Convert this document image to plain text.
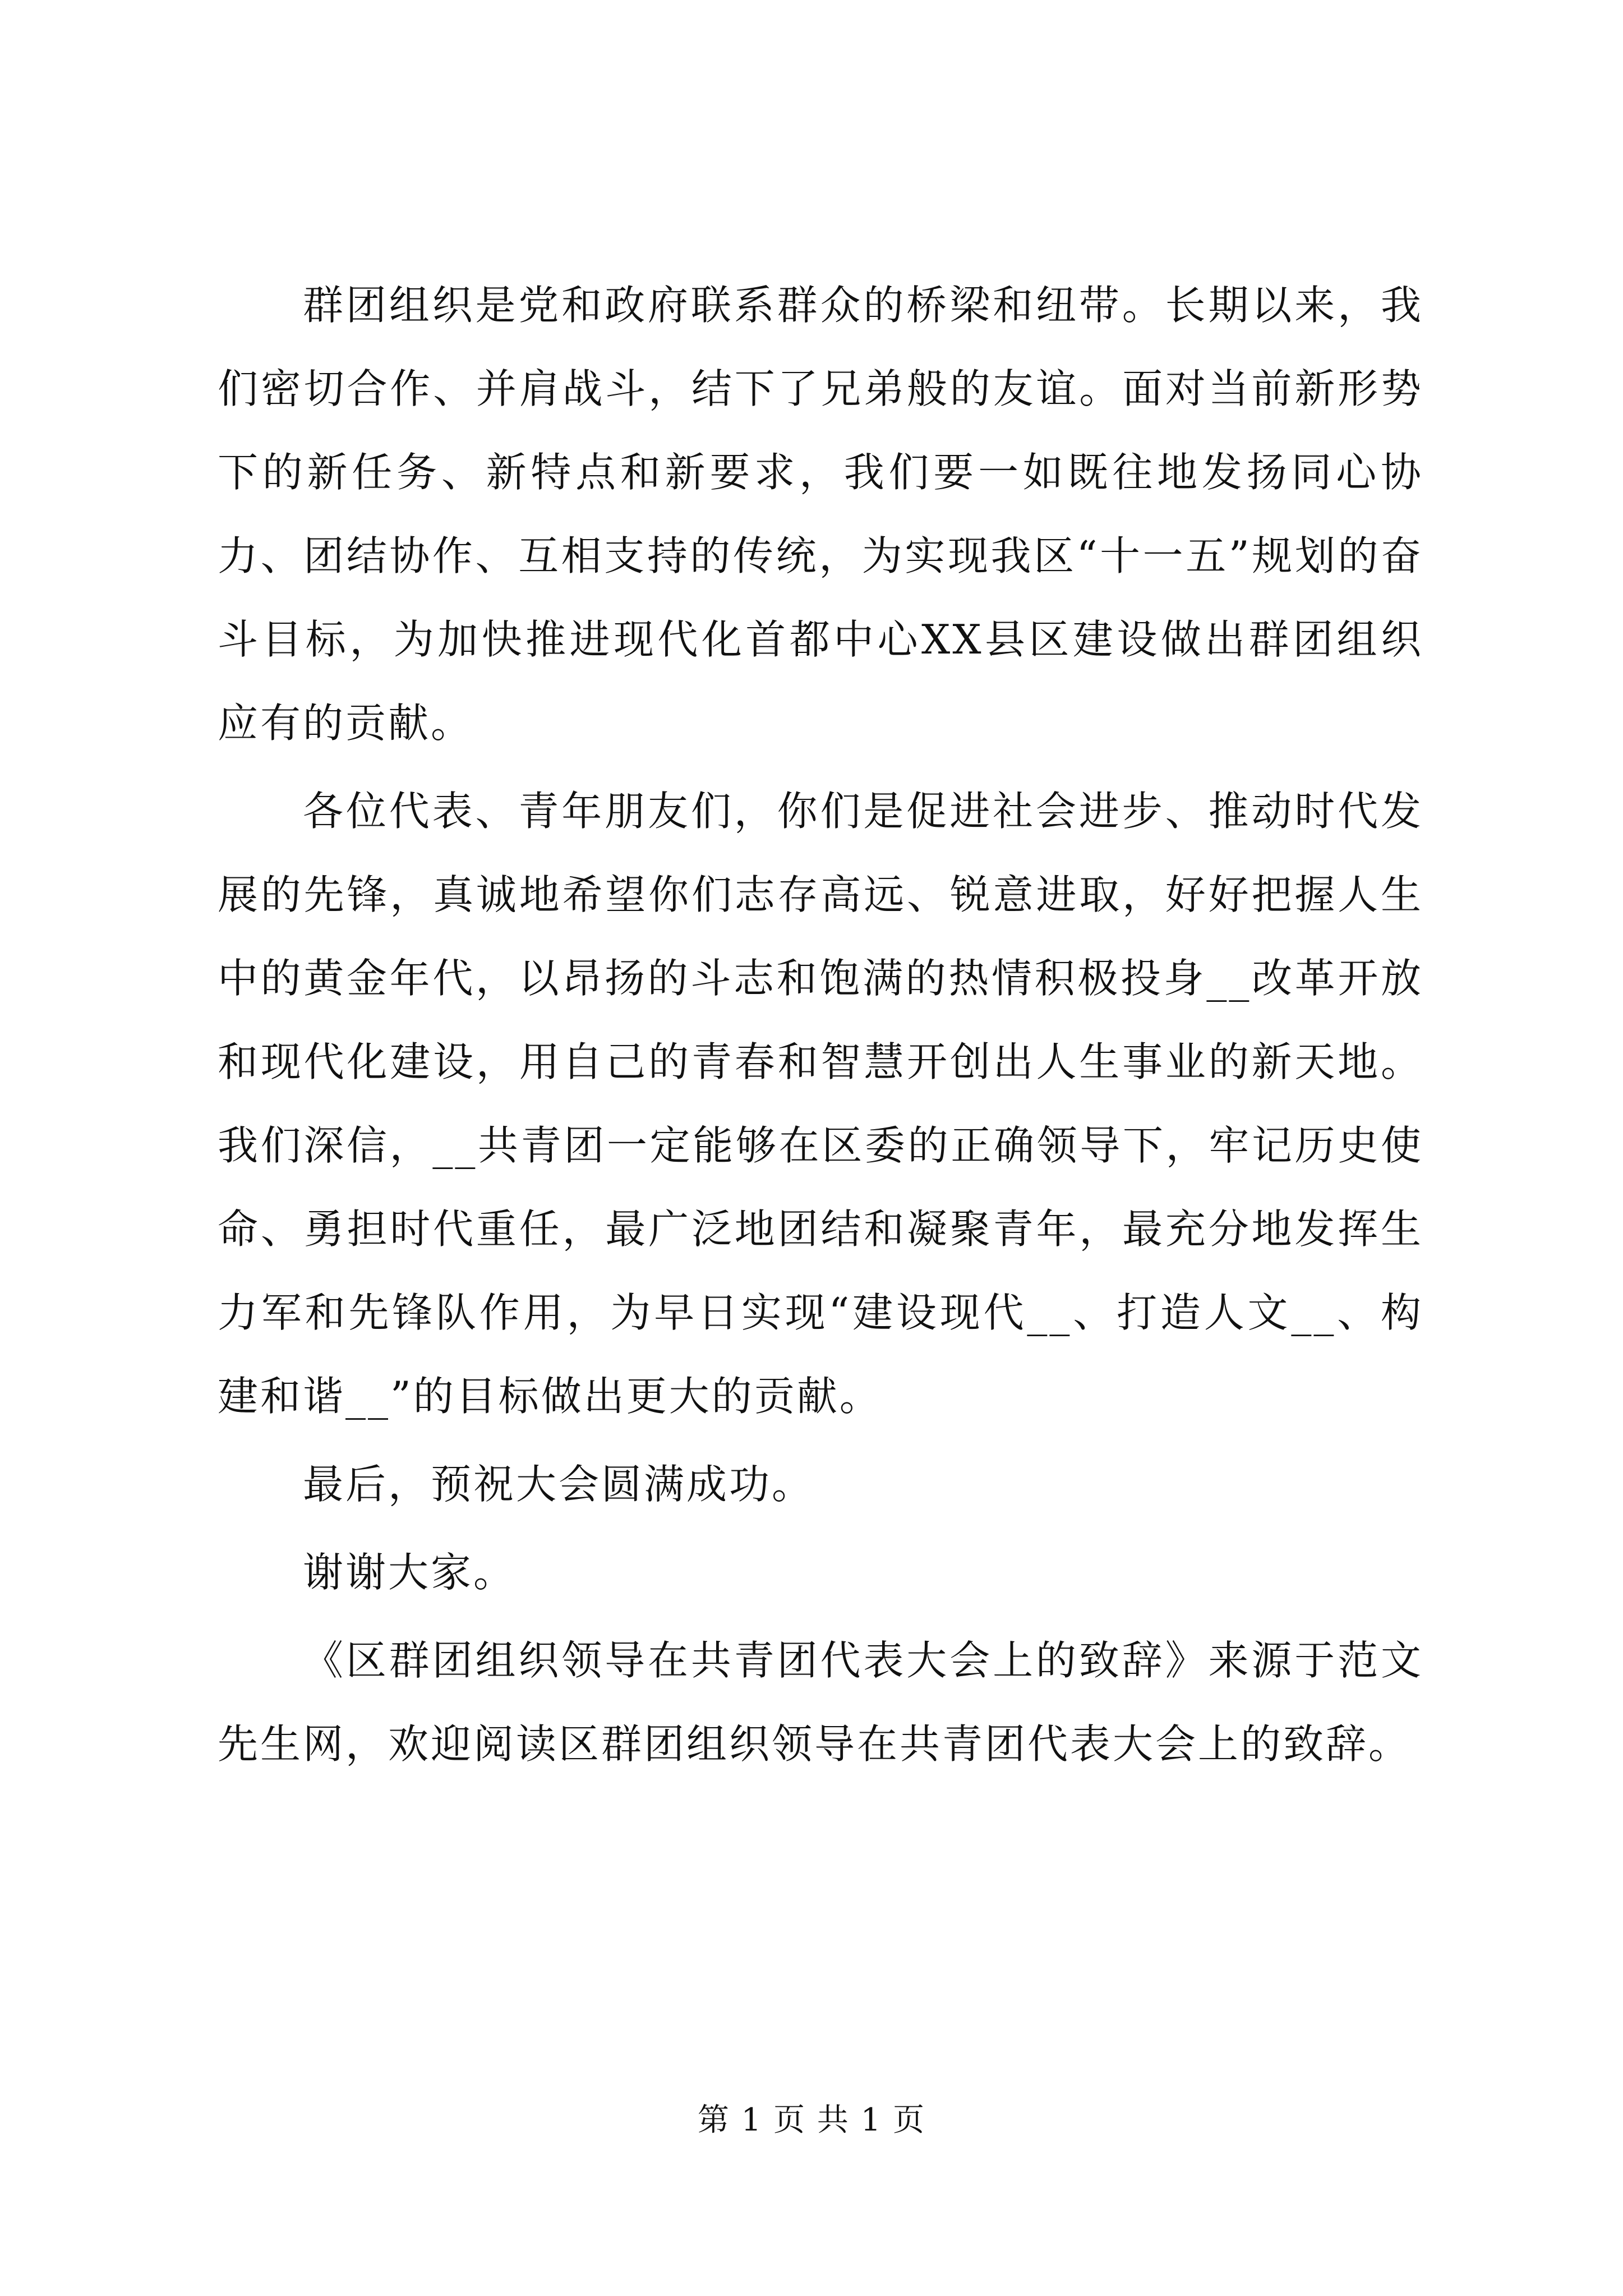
群团组织是党和政府联系群众的桥梁和纽带。长期以来，我们密切合作、并肩战斗，结下了兄弟般的友谊。面对当前新形势下的新任务、新特点和新要求，我们要一如既往地发扬同心协力、团结协作、互相支持的传统，为实现我区“十一五”规划的奋斗目标，为加快推进现代化首都中心XX县区建设做出群团组织应有的贡献。

各位代表、青年朋友们，你们是促进社会进步、推动时代发展的先锋，真诚地希望你们志存高远、锐意进取，好好把握人生中的黄金年代，以昂扬的斗志和饱满的热情积极投身__改革开放和现代化建设，用自己的青春和智慧开创出人生事业的新天地。我们深信，__共青团一定能够在区委的正确领导下，牢记历史使命、勇担时代重任，最广泛地团结和凝聚青年，最充分地发挥生力军和先锋队作用，为早日实现“建设现代__、打造人文__、构建和谐__”的目标做出更大的贡献。

最后，预祝大会圆满成功。

谢谢大家。

《区群团组织领导在共青团代表大会上的致辞》来源于范文先生网，欢迎阅读区群团组织领导在共青团代表大会上的致辞。

第 1 页 共 1 页
